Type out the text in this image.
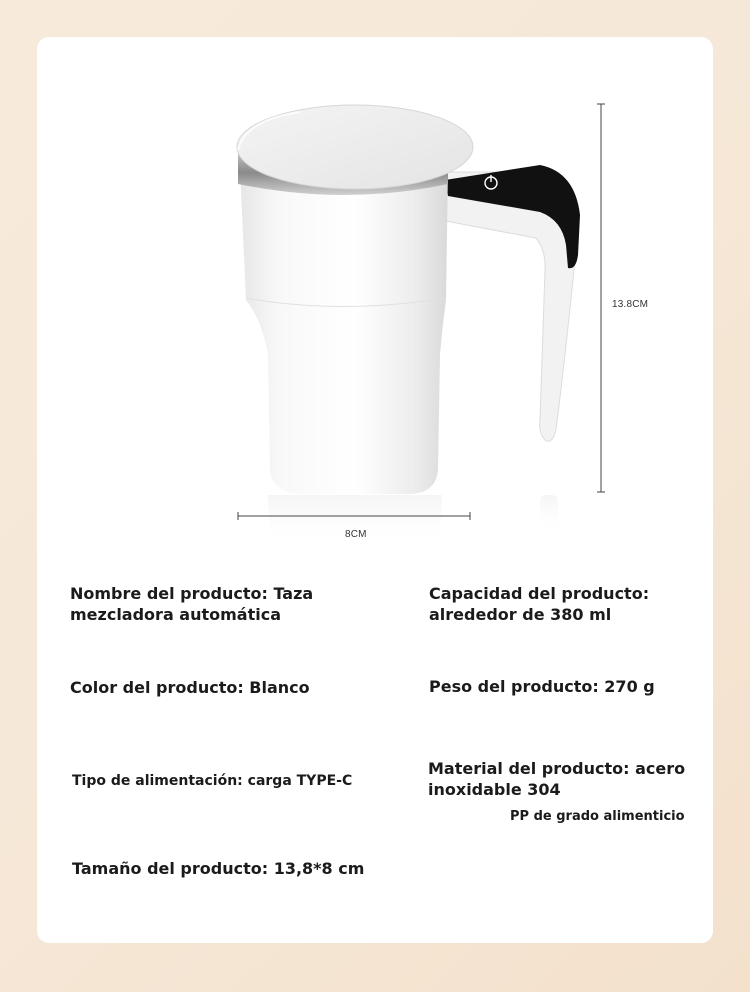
13.8CM
8CM
Nombre del producto: Taza
mezcladora automática
Capacidad del producto:
alrededor de 380 ml
Color del producto: Blanco	Peso del producto: 270 g
Tipo de alimentación: carga TYPE-C
Material del producto: acero
inoxidable 304
PP de grado alimenticio
Tamaño del producto: 13,8*8 cm
